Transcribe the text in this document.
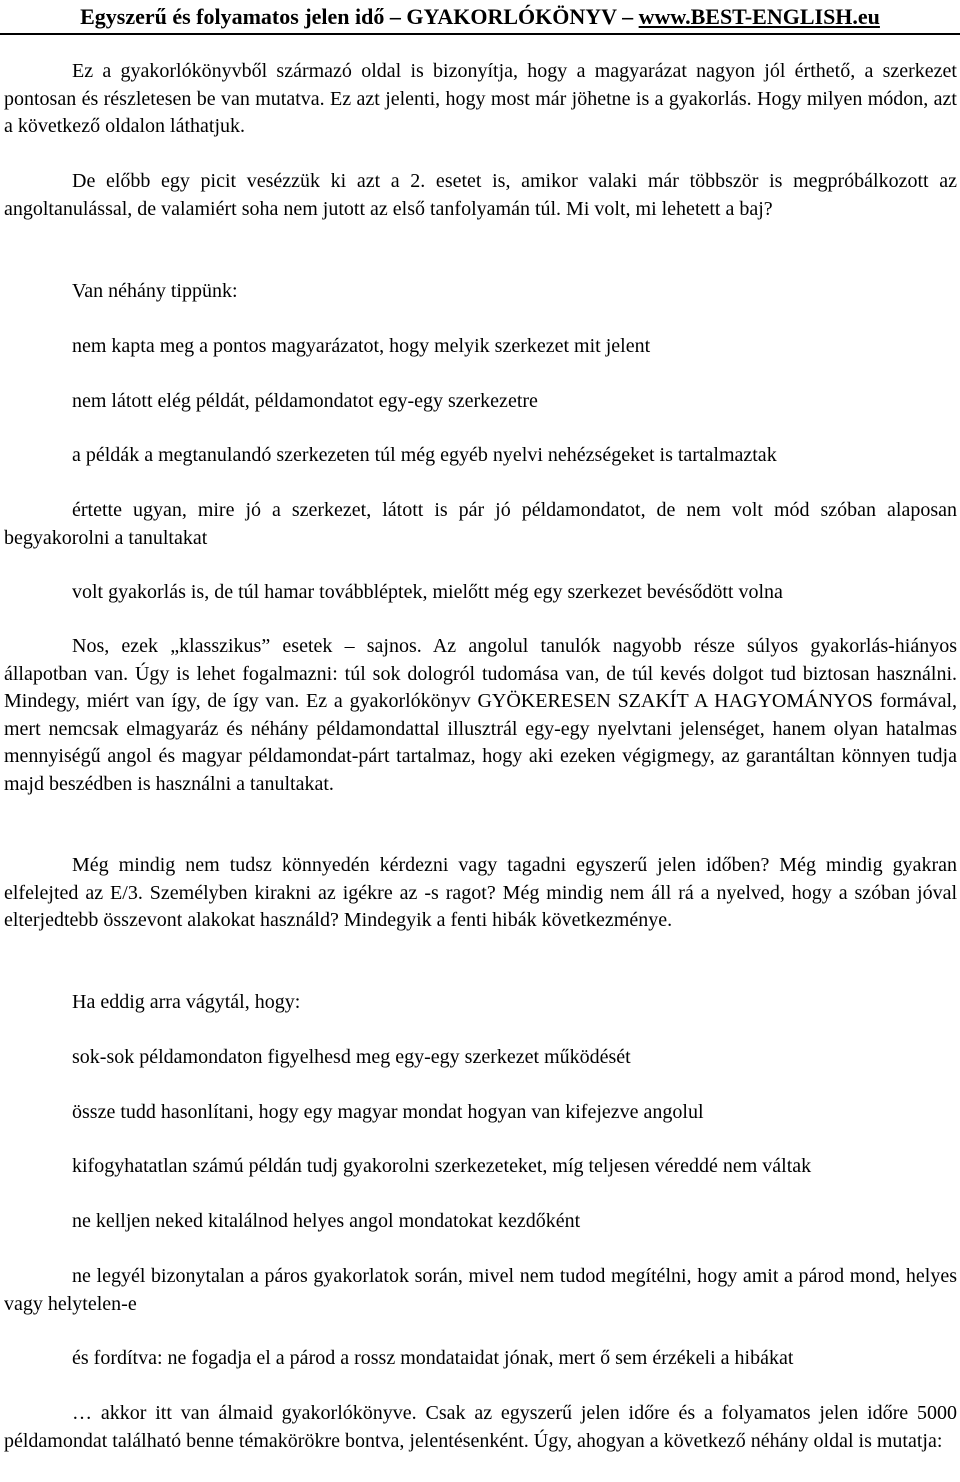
Egyszerű és folyamatos jelen idő – GYAKORLÓKÖNYV – www.BEST-ENGLISH.eu

Ez a gyakorlókönyvből származó oldal is bizonyítja, hogy a magyarázat nagyon jól érthető, a szerkezet pontosan és részletesen be van mutatva. Ez azt jelenti, hogy most már jöhetne is a gyakorlás. Hogy milyen módon, azt a következő oldalon láthatjuk.

De előbb egy picit vesézzük ki azt a 2. esetet is, amikor valaki már többször is megpróbálkozott az angoltanulással, de valamiért soha nem jutott az első tanfolyamán túl. Mi volt, mi lehetett a baj?

Van néhány tippünk:

nem kapta meg a pontos magyarázatot, hogy melyik szerkezet mit jelent

nem látott elég példát, példamondatot egy-egy szerkezetre

a példák a megtanulandó szerkezeten túl még egyéb nyelvi nehézségeket is tartalmaztak

értette ugyan, mire jó a szerkezet, látott is pár jó példamondatot, de nem volt mód szóban alaposan begyakorolni a tanultakat

volt gyakorlás is, de túl hamar továbbléptek, mielőtt még egy szerkezet bevésődött volna

Nos, ezek „klasszikus” esetek – sajnos. Az angolul tanulók nagyobb része súlyos gyakorlás-hiányos állapotban van. Úgy is lehet fogalmazni: túl sok dologról tudomása van, de túl kevés dolgot tud biztosan használni. Mindegy, miért van így, de így van. Ez a gyakorlókönyv GYÖKERESEN SZAKÍT A HAGYOMÁNYOS formával, mert nemcsak elmagyaráz és néhány példamondattal illusztrál egy-egy nyelvtani jelenséget, hanem olyan hatalmas mennyiségű angol és magyar példamondat-párt tartalmaz, hogy aki ezeken végigmegy, az garantáltan könnyen tudja majd beszédben is használni a tanultakat.

Még mindig nem tudsz könnyedén kérdezni vagy tagadni egyszerű jelen időben? Még mindig gyakran elfelejted az E/3. Személyben kirakni az igékre az -s ragot? Még mindig nem áll rá a nyelved, hogy a szóban jóval elterjedtebb összevont alakokat használd? Mindegyik a fenti hibák következménye.

Ha eddig arra vágytál, hogy:

sok-sok példamondaton figyelhesd meg egy-egy szerkezet működését

össze tudd hasonlítani, hogy egy magyar mondat hogyan van kifejezve angolul

kifogyhatatlan számú példán tudj gyakorolni szerkezeteket, míg teljesen véreddé nem váltak

ne kelljen neked kitalálnod helyes angol mondatokat kezdőként

ne legyél bizonytalan a páros gyakorlatok során, mivel nem tudod megítélni, hogy amit a párod mond, helyes vagy helytelen-e

és fordítva: ne fogadja el a párod a rossz mondataidat jónak, mert ő sem érzékeli a hibákat

… akkor itt van álmaid gyakorlókönyve. Csak az egyszerű jelen időre és a folyamatos jelen időre 5000 példamondat található benne témakörökre bontva, jelentésenként. Úgy, ahogyan a következő néhány oldal is mutatja:
